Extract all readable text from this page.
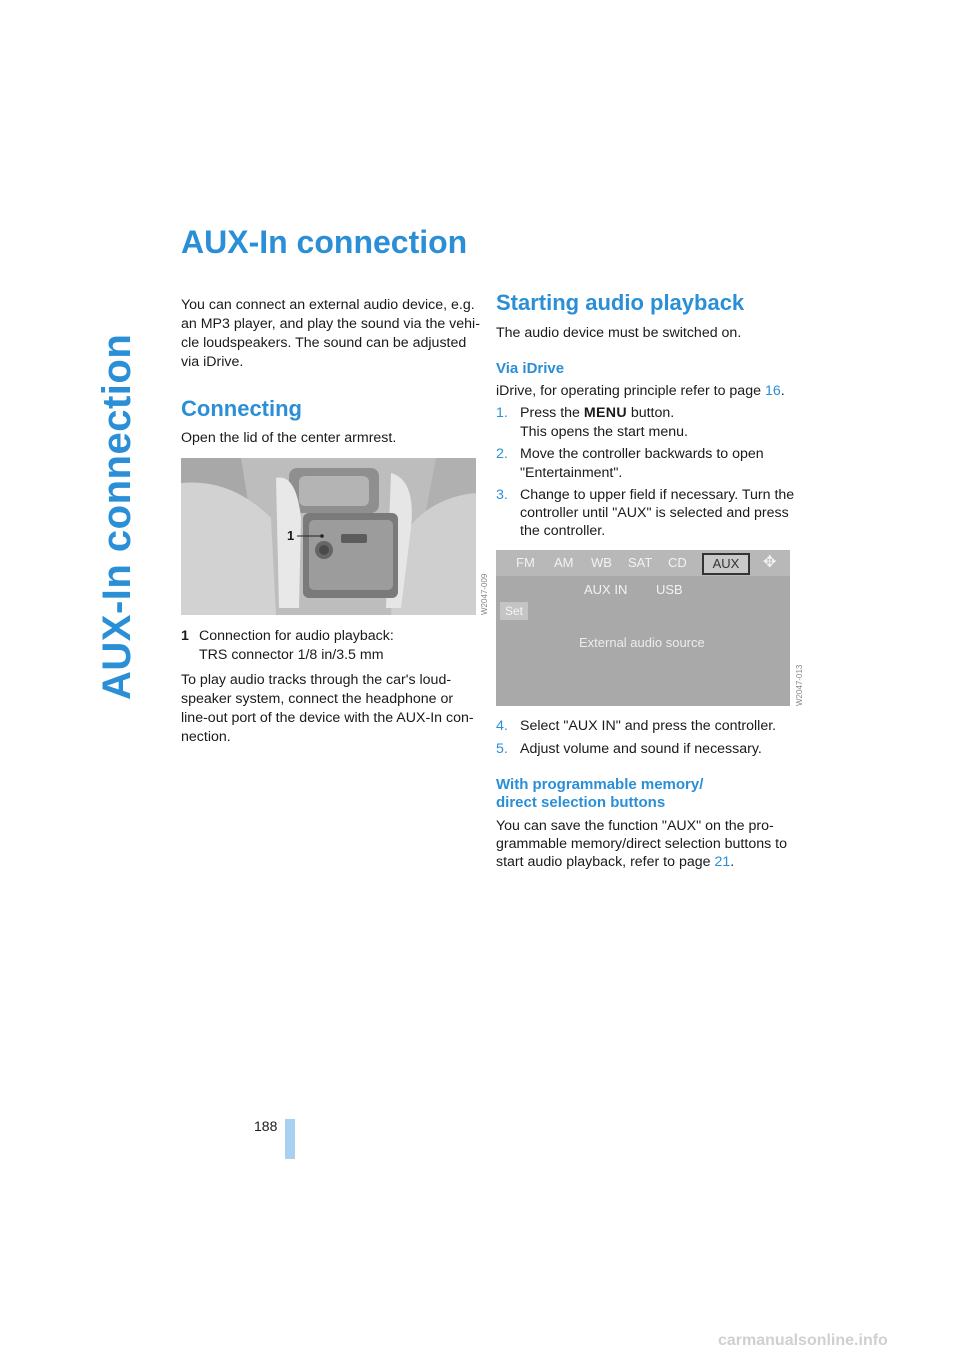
AUX-In connection
AUX-In connection

You can connect an external audio device, e.g.

an MP3 player, and play the sound via the vehi-

cle loudspeakers. The sound can be adjusted

via iDrive.

Connecting

Open the lid of the center armrest.

1
W2047-009

1 Connection for audio playback:

TRS connector 1/8 in/3.5 mm

To play audio tracks through the car's loud-

speaker system, connect the headphone or

line-out port of the device with the AUX-In con-

nection.

Starting audio playback

The audio device must be switched on.

Via iDrive

iDrive, for operating principle refer to page 16.

1. Press the MENU button.

This opens the start menu.

2. Move the controller backwards to open

"Entertainment".

3. Change to upper field if necessary. Turn the

controller until "AUX" is selected and press

the controller.

FM AM WB SAT CD	AUX	✥
AUX IN USB
Set
External audio source
W2047-013

4. Select "AUX IN" and press the controller.

5. Adjust volume and sound if necessary.

With programmable memory/
direct selection buttons

You can save the function "AUX" on the pro-

grammable memory/direct selection buttons to

start audio playback, refer to page 21.

188
carmanualsonline.info
